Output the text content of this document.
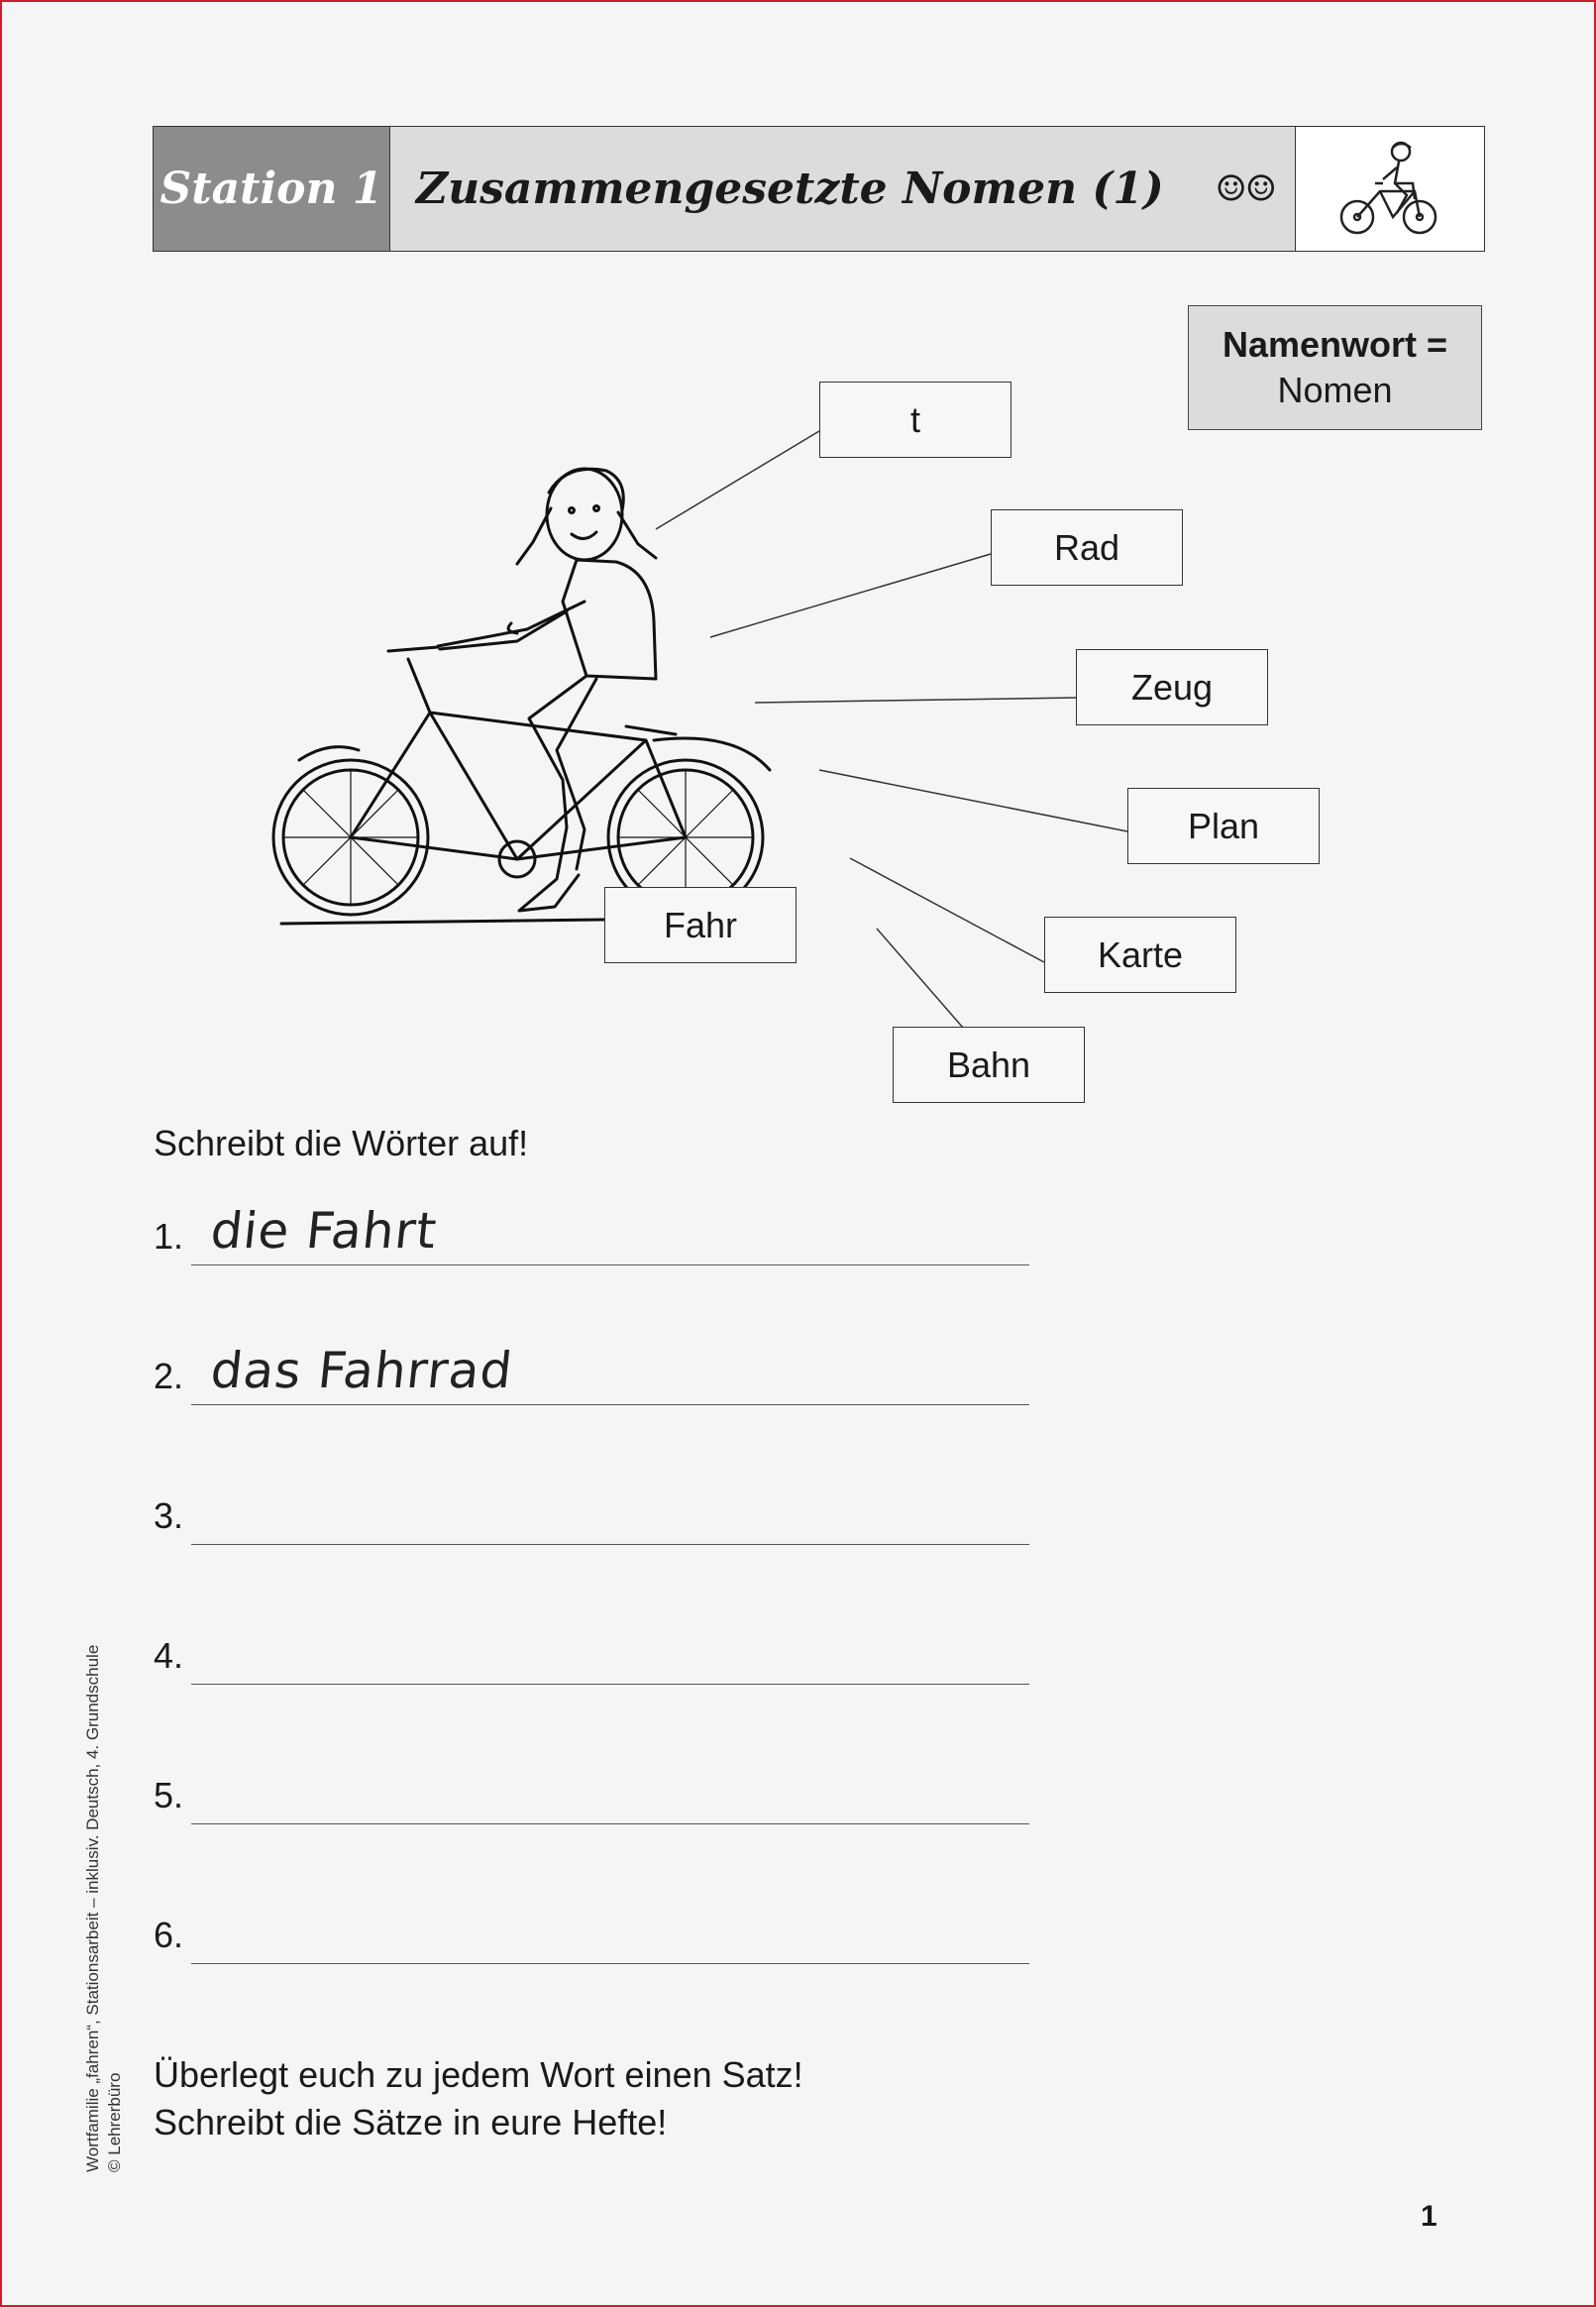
Station 1 Zusammengesetzte Nomen (1) ☺☺
Namenwort =
Nomen
t
Rad
Zeug
Plan
Fahr
Karte
Bahn
Schreibt die Wörter auf!
1. die Fahrt
2. das Fahrrad
3.
4.
5.
6.
Überlegt euch zu jedem Wort einen Satz!
Schreibt die Sätze in eure Hefte!
Wortfamilie „fahren“, Stationsarbeit – inklusiv. Deutsch, 4. Grundschule © Lehrerbüro
1
